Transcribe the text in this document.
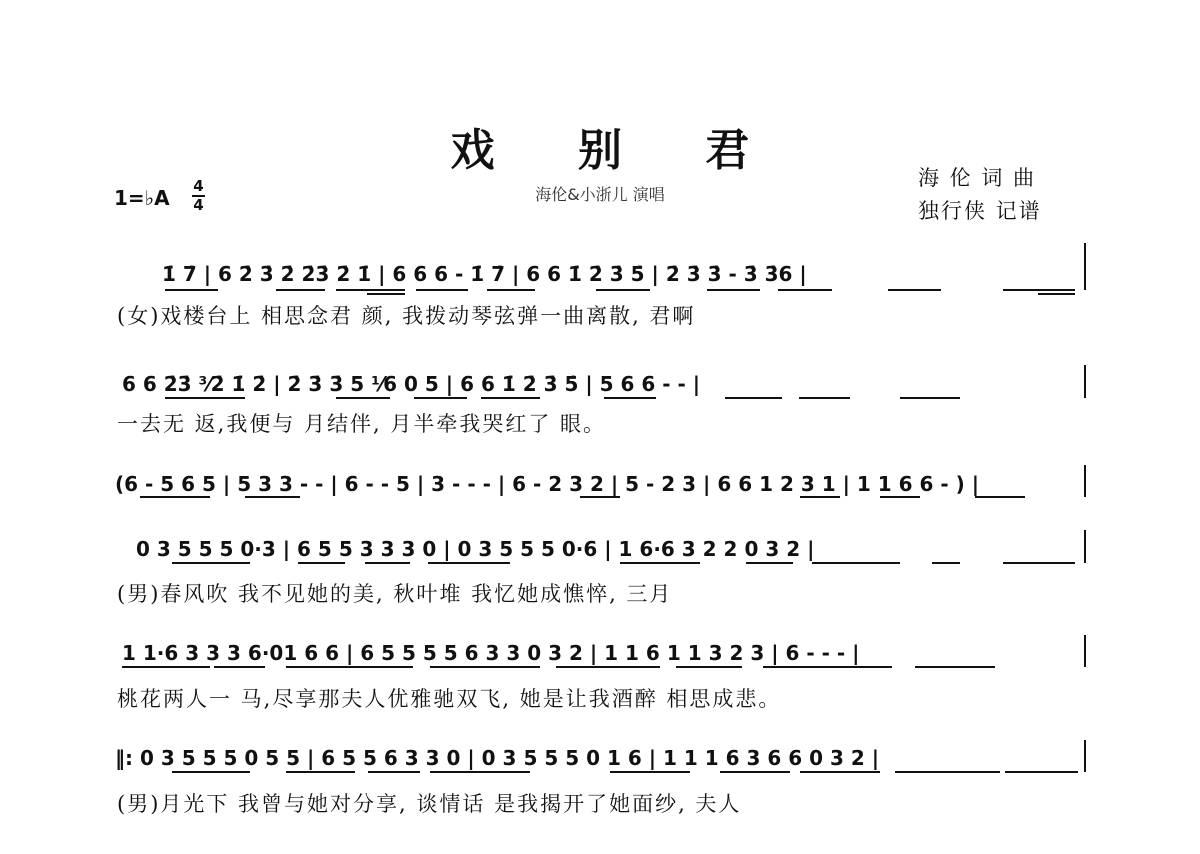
戏 别 君
海伦&小浙儿 演唱
海 伦 词 曲
独行侠 记谱
1=♭A $\frac{4}{4}$
1̇ 7̇ | 6 2̇ 3̇ 2̇ 2̇3̇ 2̇ 1̇ | 6 6 6 - 1̇ 7̇ | 6 6 1̇ 2̇ 3̇ 5̇ | 2̇ 3̇ 3̇ - 3̇ 3̇6 |
(女)戏楼台上 相思念君 颜, 我拨动琴弦弹一曲离散, 君啊
6 6 2̇3̇ ³⁄2̇ 1̇ 2̇ | 2̇ 3̇ 3̇ 5 ¹⁄6 0 5 | 6 6 1̇ 2̇ 3̇ 5̇ | 5 6 6 - - |
一去无 返,我便与 月结伴, 月半牵我哭红了 眼。
(6 - 5 6 5 | 5 3 3 - - | 6 - - 5 | 3 - - - | 6 - 2 3 2 | 5 - 2 3 | 6 6 1 2 3 1 | 1 1 6 6 - ) |
0 3 5 5 5 0·3 | 6 5 5 3 3 3 0 | 0 3 5 5 5 0·6 | 1 6·6 3 2 2 0 3 2 |
(男)春风吹 我不见她的美, 秋叶堆 我忆她成憔悴, 三月
1 1·6 3 3 3 6·01 6 6 | 6 5 5 5 5 6 3 3 0 3 2 | 1 1 6 1 1 3 2 3 | 6 - - - |
桃花两人一 马,尽享那夫人优雅驰双飞, 她是让我酒醉 相思成悲。
‖: 0 3 5 5 5 0 5 5 | 6 5 5 6 3 3 0 | 0 3 5 5 5 0 1 6 | 1 1 1 6 3 6 6 0 3 2 |
(男)月光下 我曾与她对分享, 谈情话 是我揭开了她面纱, 夫人
